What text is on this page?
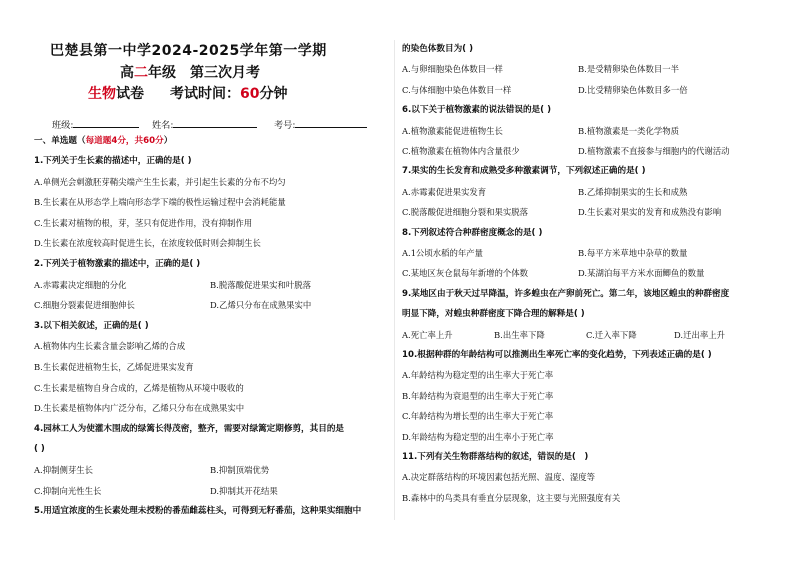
巴楚县第一中学2024-2025学年第一学期
高二年级　第三次月考
生物试卷 考试时间：60分钟
班级:	姓名:	考号:
一、单选题（每道题4分，共60分）
1.下列关于生长素的描述中，正确的是( )
A.单侧光会刺激胚芽鞘尖端产生生长素，并引起生长素的分布不均匀
B.生长素在从形态学上端向形态学下端的极性运输过程中会消耗能量
C.生长素对植物的根，芽，茎只有促进作用，没有抑制作用
D.生长素在浓度较高时促进生长，在浓度较低时则会抑制生长
2.下列关于植物激素的描述中，正确的是( )
A.赤霉素决定细胞的分化	B.脱落酸促进果实和叶脱落
C.细胞分裂素促进细胞伸长	D.乙烯只分布在成熟果实中
3.以下相关叙述，正确的是( )
A.植物体内生长素含量会影响乙烯的合成
B.生长素促进植物生长，乙烯促进果实发育
C.生长素是植物自身合成的，乙烯是植物从环境中吸收的
D.生长素是植物体内广泛分布，乙烯只分布在成熟果实中
4.园林工人为使灌木围成的绿篱长得茂密，整齐，需要对绿篱定期修剪，其目的是
( )
A.抑制侧芽生长	B.抑制顶端优势
C.抑制向光性生长	D.抑制其开花结果
5.用适宜浓度的生长素处理未授粉的番茄雌蕊柱头，可得到无籽番茄，这种果实细胞中
的染色体数目为( )
A.与卵细胞染色体数目一样	B.是受精卵染色体数目一半
C.与体细胞中染色体数目一样	D.比受精卵染色体数目多一倍
6.以下关于植物激素的说法错误的是( )
A.植物激素能促进植物生长	B.植物激素是一类化学物质
C.植物激素在植物体内含量很少	D.植物激素不直接参与细胞内的代谢活动
7.果实的生长发育和成熟受多种激素调节，下列叙述正确的是( )
A.赤霉素促进果实发育	B.乙烯抑制果实的生长和成熟
C.脱落酸促进细胞分裂和果实脱落	D.生长素对果实的发育和成熟没有影响
8.下列叙述符合种群密度概念的是( )
A.1公顷水稻的年产量	B.每平方米草地中杂草的数量
C.某地区灰仓鼠每年新增的个体数	D.某湖泊每平方米水面鲫鱼的数量
9.某地区由于秋天过早降温，许多蝗虫在产卵前死亡。第二年，该地区蝗虫的种群密度
明显下降，对蝗虫种群密度下降合理的解释是( )
A.死亡率上升	B.出生率下降	C.迁入率下降	D.迁出率上升
10.根据种群的年龄结构可以推测出生率死亡率的变化趋势，下列表述正确的是( )
A.年龄结构为稳定型的出生率大于死亡率
B.年龄结构为衰退型的出生率大于死亡率
C.年龄结构为增长型的出生率大于死亡率
D.年龄结构为稳定型的出生率小于死亡率
11.下列有关生物群落结构的叙述，错误的是(　)
A.决定群落结构的环境因素包括光照、温度、湿度等
B.森林中的鸟类具有垂直分层现象，这主要与光照强度有关
